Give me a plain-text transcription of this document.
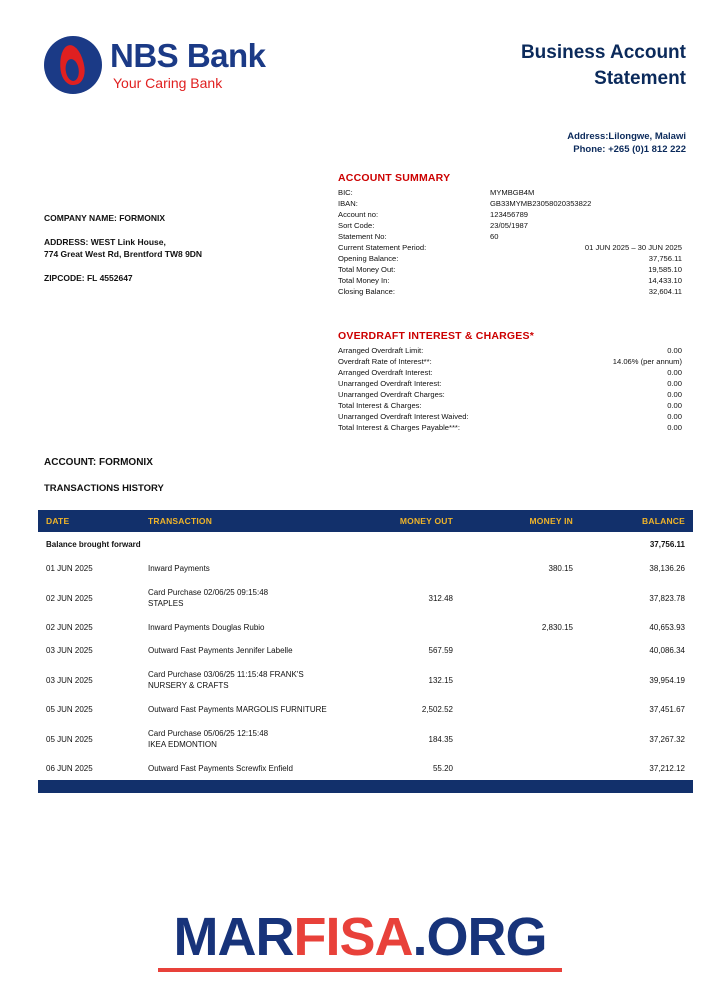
NBS Bank
Your Caring Bank
Business Account
Statement
Address:Lilongwe, Malawi
Phone: +265 (0)1 812 222
COMPANY NAME: FORMONIX
ADDRESS: WEST Link House,
774 Great West Rd, Brentford TW8 9DN
ZIPCODE: FL 4552647
ACCOUNT SUMMARY
BIC:	MYMBGB4M
IBAN:	GB33MYMB23058020353822
Account no:	123456789
Sort Code:	23/05/1987
Statement No:	60
Current Statement Period:	01 JUN 2025 – 30 JUN 2025
Opening Balance:	37,756.11
Total Money Out:	19,585.10
Total Money In:	14,433.10
Closing Balance:	32,604.11
OVERDRAFT INTEREST & CHARGES*
Arranged Overdraft Limit:	0.00
Overdraft Rate of Interest**:	14.06% (per annum)
Arranged Overdraft Interest:	0.00
Unarranged Overdraft Interest:	0.00
Unarranged Overdraft Charges:	0.00
Total Interest & Charges:	0.00
Unarranged Overdraft Interest Waived:	0.00
Total Interest & Charges Payable***:	0.00
ACCOUNT: FORMONIX
TRANSACTIONS HISTORY
DATE	TRANSACTION	MONEY OUT	MONEY IN	BALANCE
Balance brought forward				37,756.11
01 JUN 2025	Inward Payments		380.15	38,136.26
02 JUN 2025	Card Purchase 02/06/25 09:15:48
STAPLES	312.48		37,823.78
02 JUN 2025	Inward Payments Douglas Rubio		2,830.15	40,653.93
03 JUN 2025	Outward Fast Payments Jennifer Labelle	567.59		40,086.34
03 JUN 2025	Card Purchase 03/06/25 11:15:48 FRANK'S
NURSERY & CRAFTS	132.15		39,954.19
05 JUN 2025	Outward Fast Payments MARGOLIS FURNITURE	2,502.52		37,451.67
05 JUN 2025	Card Purchase 05/06/25 12:15:48
IKEA EDMONTION	184.35		37,267.32
06 JUN 2025	Outward Fast Payments Screwfix Enfield	55.20		37,212.12
MARFISA.ORG
